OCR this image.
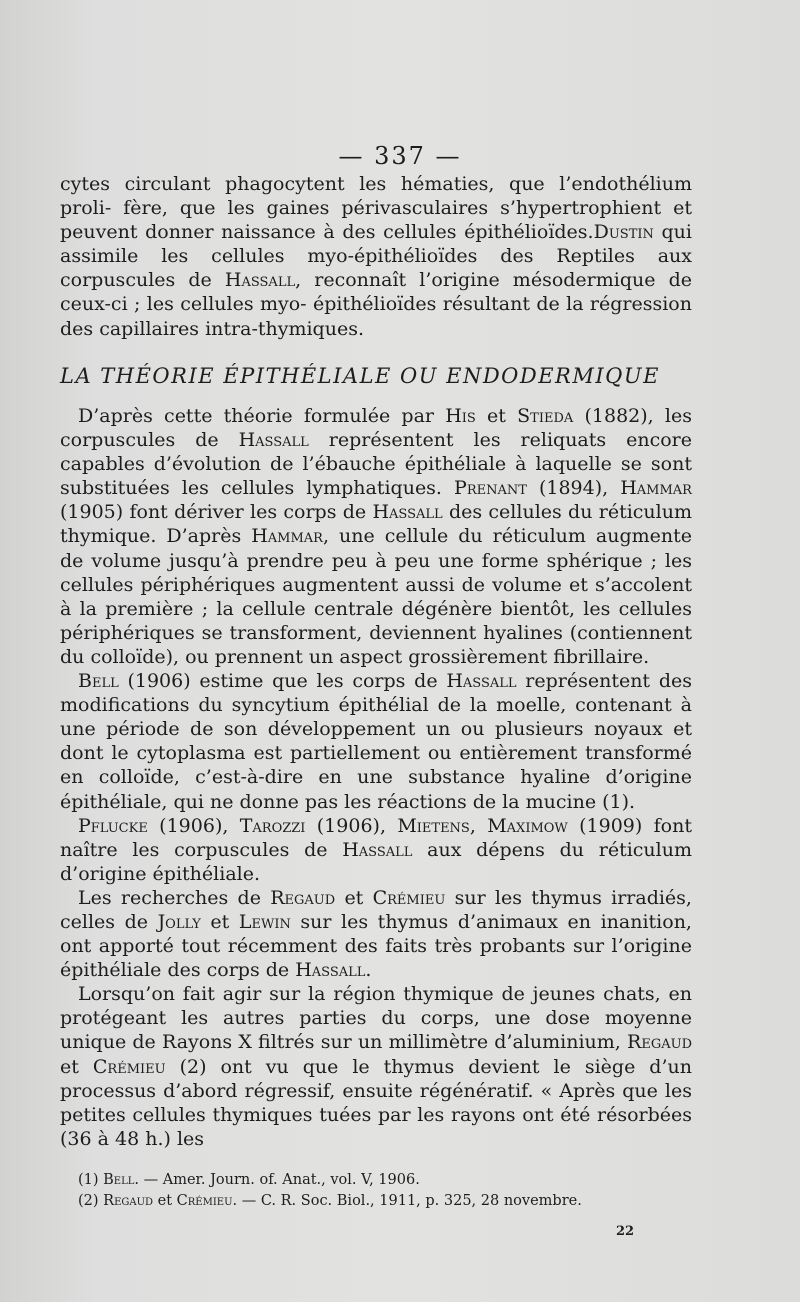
— 337 —

cytes circulant phagocytent les hématies, que l’endothélium proli- fère, que les gaines périvasculaires s’hypertrophient et peuvent donner naissance à des cellules épithélioïdes.Dustin qui assimile les cellules myo-épithélioïdes des Reptiles aux corpuscules de Hassall, reconnaît l’origine mésodermique de ceux-ci ; les cellules myo- épithélioïdes résultant de la régression des capillaires intra-thymiques.

LA THÉORIE ÉPITHÉLIALE OU ENDODERMIQUE

D’après cette théorie formulée par His et Stieda (1882), les corpuscules de Hassall représentent les reliquats encore capables d’évolution de l’ébauche épithéliale à laquelle se sont substituées les cellules lymphatiques. Prenant (1894), Hammar (1905) font dériver les corps de Hassall des cellules du réticulum thymique. D’après Hammar, une cellule du réticulum augmente de volume jusqu’à prendre peu à peu une forme sphérique ; les cellules périphériques augmentent aussi de volume et s’accolent à la première ; la cellule centrale dégénère bientôt, les cellules périphériques se transforment, deviennent hyalines (contiennent du colloïde), ou prennent un aspect grossièrement fibrillaire.

Bell (1906) estime que les corps de Hassall représentent des modifications du syncytium épithélial de la moelle, contenant à une période de son développement un ou plusieurs noyaux et dont le cytoplasma est partiellement ou entièrement transformé en colloïde, c’est-à-dire en une substance hyaline d’origine épithéliale, qui ne donne pas les réactions de la mucine (1).

Pflucke (1906), Tarozzi (1906), Mietens, Maximow (1909) font naître les corpuscules de Hassall aux dépens du réticulum d’origine épithéliale.

Les recherches de Regaud et Crémieu sur les thymus irradiés, celles de Jolly et Lewin sur les thymus d’animaux en inanition, ont apporté tout récemment des faits très probants sur l’origine épithéliale des corps de Hassall.

Lorsqu’on fait agir sur la région thymique de jeunes chats, en protégeant les autres parties du corps, une dose moyenne unique de Rayons X filtrés sur un millimètre d’aluminium, Regaud et Crémieu (2) ont vu que le thymus devient le siège d’un processus d’abord régressif, ensuite régénératif. « Après que les petites cellules thymiques tuées par les rayons ont été résorbées (36 à 48 h.) les

(1) Bell. — Amer. Journ. of. Anat., vol. V, 1906.

(2) Regaud et Crémieu. — C. R. Soc. Biol., 1911, p. 325, 28 novembre.

22
